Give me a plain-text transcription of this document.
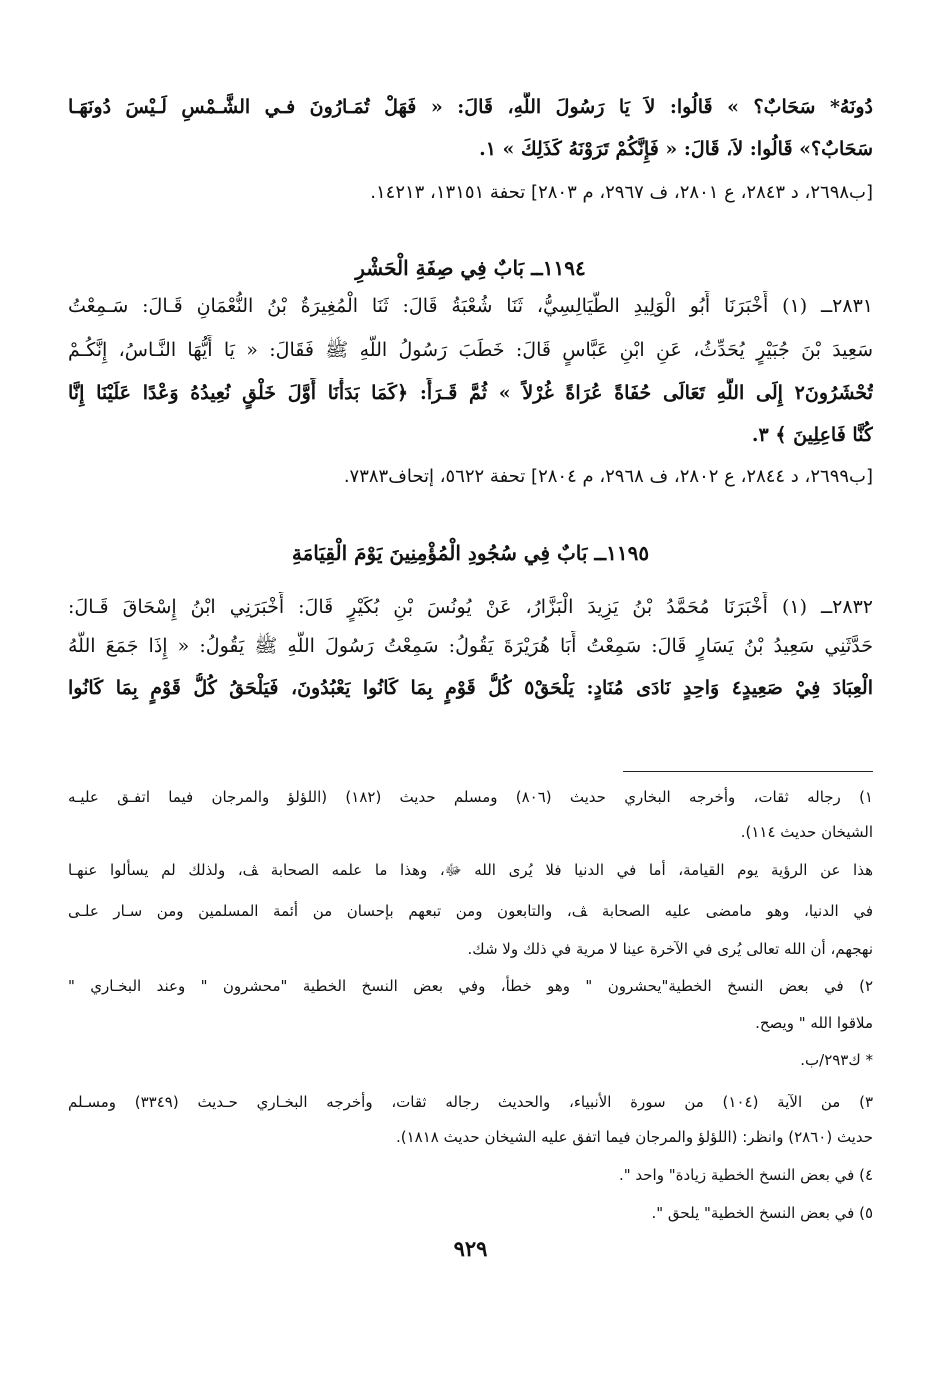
دُونَهُ* سَحَابٌ؟ » قَالُوا: لاَ يَا رَسُولَ اللَّهِ، قَالَ: « فَهَلْ تُمَـارُونَ فـي الشَّـمْسِ لَـيْسَ دُونَهَـا
سَحَابٌ؟» قَالُوا: لاَ، قَالَ: « فَإِنَّكُمْ تَرَوْنَهُ كَذَلِكَ » ١.
[ب٢٦٩٨، د ٢٨٤٣، ع ٢٨٠١، ف ٢٩٦٧، م ٢٨٠٣] تحفة ١٣١٥١، ١٤٢١٣.
١١٩٤ــ بَابٌ فِي صِفَةِ الْحَشْرِ
٢٨٣١ــ (١) أَخْبَرَنَا أَبُو الْوَلِيدِ الطَّيَالِسِيُّ، ثَنَا شُعْبَةُ قَالَ: ثَنَا الْمُغِيرَةُ بْنُ النُّعْمَانِ قَـالَ: سَـمِعْتُ
سَعِيدَ بْنَ جُبَيْرٍ يُحَدِّثُ، عَنِ ابْنِ عَبَّاسٍ قَالَ: خَطَبَ رَسُولُ اللَّهِ ﷺ فَقَالَ: « يَا أَيُّهَا النَّـاسُ، إِنَّكُـمْ
تُحْشَرُونَ٢ إِلَى اللَّهِ تَعَالَى حُفَاةً عُرَاةً غُرْلاً » ثُمَّ قَـرَأَ: ﴿كَمَا بَدَأْنَا أَوَّلَ خَلْقٍ نُعِيدُهُ وَعْدًا عَلَيْنَا إِنَّا
كُنَّا فَاعِلِينَ ﴾ ٣.
[ب٢٦٩٩، د ٢٨٤٤، ع ٢٨٠٢، ف ٢٩٦٨، م ٢٨٠٤] تحفة ٥٦٢٢، إتحاف٧٣٨٣.
١١٩٥ــ بَابٌ فِي سُجُودِ الْمُؤْمِنِينَ يَوْمَ الْقِيَامَةِ
٢٨٣٢ــ (١) أَخْبَرَنَا مُحَمَّدُ بْنُ يَزِيدَ الْبَزَّارُ، عَنْ يُونُسَ بْنِ بُكَيْرٍ قَالَ: أَخْبَرَنِي ابْنُ إِسْحَاقَ قَـالَ:
حَدَّثَنِي سَعِيدُ بْنُ يَسَارٍ قَالَ: سَمِعْتُ أَبَا هُرَيْرَةَ يَقُولُ: سَمِعْتُ رَسُولَ اللَّهِ ﷺ يَقُولُ: « إِذَا جَمَعَ اللَّهُ
الْعِبَادَ فِيْ صَعِيدٍ٤ وَاحِدٍ نَادَى مُنَادٍ: يَلْحَقْ٥ كُلُّ قَوْمٍ بِمَا كَانُوا يَعْبُدُونَ، فَيَلْحَقُ كُلُّ قَوْمٍ بِمَا كَانُوا
١) رجاله ثقات، وأخرجه البخاري حديث (٨٠٦) ومسلم حديث (١٨٢) (اللؤلؤ والمرجان فيما اتفـق عليـه
الشيخان حديث ١١٤).
هذا عن الرؤية يوم القيامة، أما في الدنيا فلا يُرى الله ﷻ، وهذا ما علمه الصحابة ﭫ، ولذلك لم يسألوا عنهـا
في الدنيا، وهو مامضى عليه الصحابة ﭫ، والتابعون ومن تبعهم بإحسان من أئمة المسلمين ومن سـار علـى
نهجهم، أن الله تعالى يُرى في الآخرة عينا لا مرية في ذلك ولا شك.
٢) في بعض النسخ الخطية"يحشرون " وهو خطأ، وفي بعض النسخ الخطية "محشرون " وعند البخـاري "
ملاقوا الله " ويصح.
* ك٢٩٣/ب.
٣) من الآية (١٠٤) من سورة الأنبياء، والحديث رجاله ثقات، وأخرجه البخـاري حـديث (٣٣٤٩) ومسـلم
حديث (٢٨٦٠) وانظر: (اللؤلؤ والمرجان فيما اتفق عليه الشيخان حديث ١٨١٨).
٤) في بعض النسخ الخطية زيادة" واحد ".
٥) في بعض النسخ الخطية" يلحق ".
٩٢٩
